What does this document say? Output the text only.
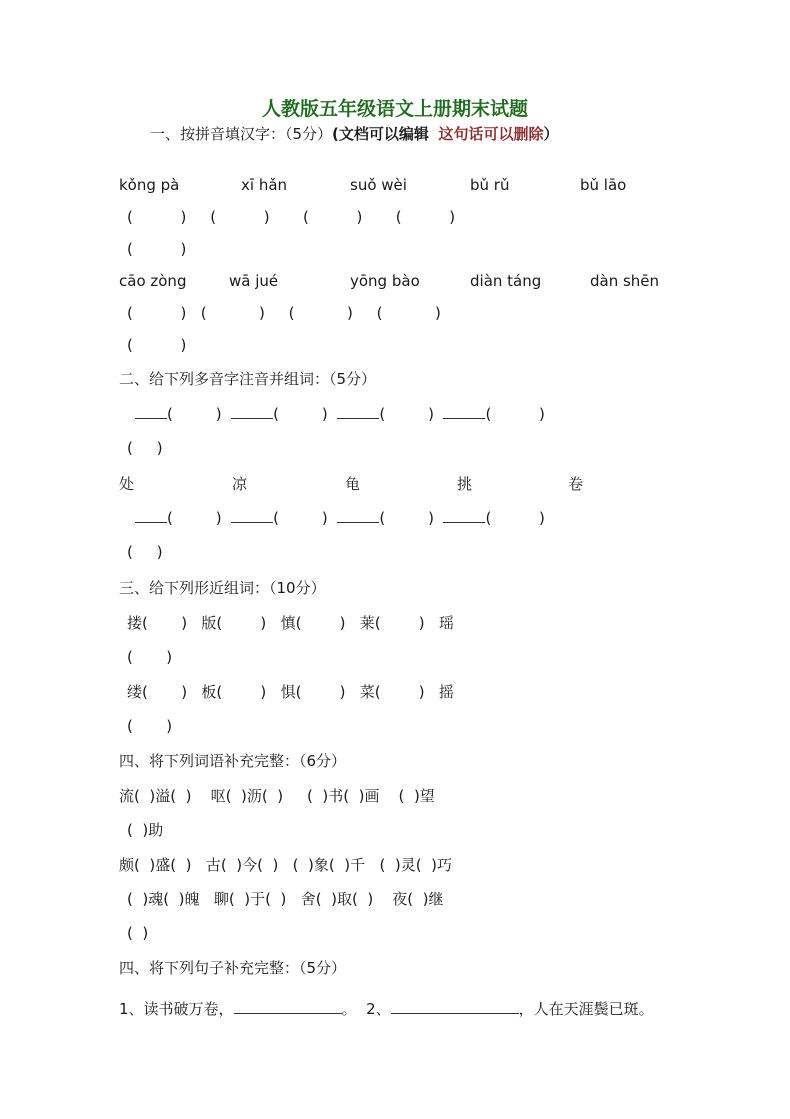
人教版五年级语文上册期末试题
一、按拼音填汉字：（5分）(文档可以编辑 这句话可以删除）
kǒng pà	xī hǎn	suǒ wèi	bǔ rǔ	bǔ lāo
(          )     (          )       (          )       (          )
(          )
cāo zòng	wā jué	yōng bào	diàn táng	dàn shēn
(          )   (           )     (           )     (           )
(          )
二、给下列多音字注音并组词：（5分）
(         )	(         )	(         )	(          )
(     )
处	凉	龟	挑	卷
(         )	(         )	(         )	(          )
(     )
三、给下列形近组词：（10分）
搂(       )   版(        )   慎(        )   莱(        )   瑶
(       )
缕(       )   板(        )   惧(        )   菜(        )   摇
(       )
四、将下列词语补充完整：（6分）
流(  )溢(  )    呕(  )沥(  )     (  )书(  )画    (  )望
(  )助
颇(  )盛(  )   古(  )今(  )   (  )象(  )千   (  )灵(  )巧
(  )魂(  )魄 聊(  )于(  )   舍(  )取(  )    夜(  )继
(  )
四、将下列句子补充完整：（5分）
1、读书破万卷，	。 2、	，人在天涯鬓已斑。
